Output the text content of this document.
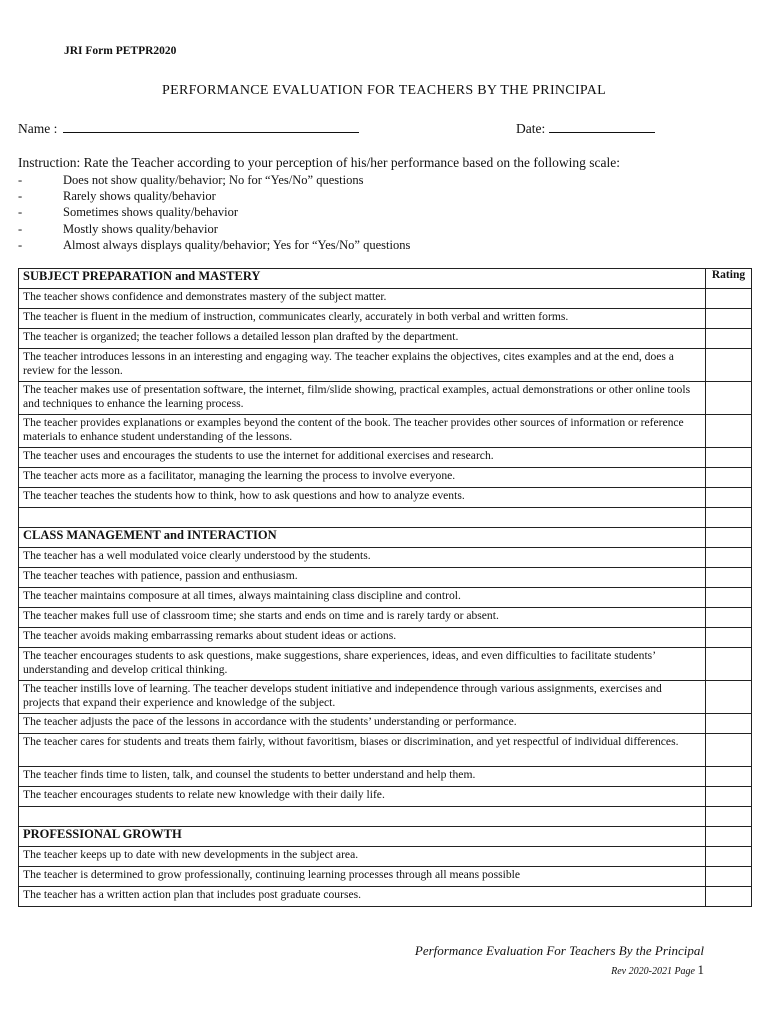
JRI Form PETPR2020
PERFORMANCE EVALUATION FOR TEACHERS BY THE PRINCIPAL
Name :	Date:
Instruction: Rate the Teacher according to your perception of his/her performance based on the following scale:
-	Does not show quality/behavior; No for “Yes/No” questions
-	Rarely shows quality/behavior
-	Sometimes shows quality/behavior
-	Mostly shows quality/behavior
-	Almost always displays quality/behavior; Yes for “Yes/No” questions
SUBJECT PREPARATION and MASTERY	Rating
The teacher shows confidence and demonstrates mastery of the subject matter.	
The teacher is fluent in the medium of instruction, communicates clearly, accurately in both verbal and written forms.	
The teacher is organized; the teacher follows a detailed lesson plan drafted by the department.	
The teacher introduces lessons in an interesting and engaging way. The teacher explains the objectives, cites examples and at the end, does a review for the lesson.	
The teacher makes use of presentation software, the internet, film/slide showing, practical examples, actual demonstrations or other online tools and techniques to enhance the learning process.	
The teacher provides explanations or examples beyond the content of the book. The teacher provides other sources of information or reference materials to enhance student understanding of the lessons.	
The teacher uses and encourages the students to use the internet for additional exercises and research.	
The teacher acts more as a facilitator, managing the learning the process to involve everyone.	
The teacher teaches the students how to think, how to ask questions and how to analyze events.	

CLASS MANAGEMENT and INTERACTION	
The teacher has a well modulated voice clearly understood by the students.	
The teacher teaches with patience, passion and enthusiasm.	
The teacher maintains composure at all times, always maintaining class discipline and control.	
The teacher makes full use of classroom time; she starts and ends on time and is rarely tardy or absent.	
The teacher avoids making embarrassing remarks about student ideas or actions.	
The teacher encourages students to ask questions, make suggestions, share experiences, ideas, and even difficulties to facilitate students’ understanding and develop critical thinking.	
The teacher instills love of learning. The teacher develops student initiative and independence through various assignments, exercises and projects that expand their experience and knowledge of the subject.	
The teacher adjusts the pace of the lessons in accordance with the students’ understanding or performance.	
The teacher cares for students and treats them fairly, without favoritism, biases or discrimination, and yet respectful of individual differences.	
The teacher finds time to listen, talk, and counsel the students to better understand and help them.	
The teacher encourages students to relate new knowledge with their daily life.	

PROFESSIONAL GROWTH	
The teacher keeps up to date with new developments in the subject area.	
The teacher is determined to grow professionally, continuing learning processes through all means possible	
The teacher has a written action plan that includes post graduate courses.	
Performance Evaluation For Teachers By the Principal
Rev 2020-2021 Page 1
